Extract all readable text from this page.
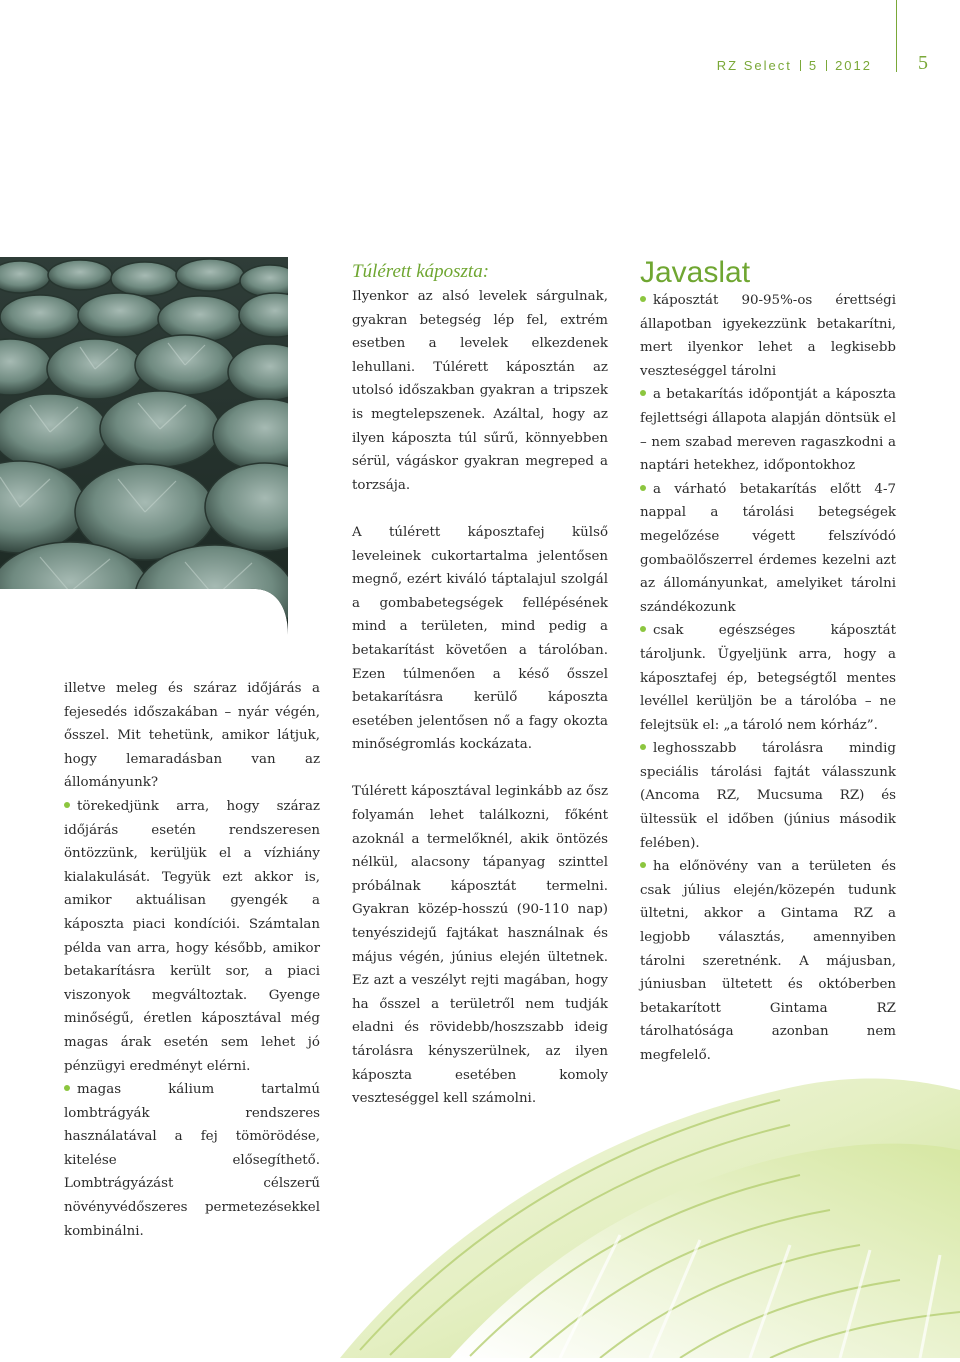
RZ Select 5 2012 5

illetve meleg és száraz időjárás a fejesedés időszakában – nyár végén, ősszel. Mit tehetünk, amikor látjuk, hogy lemaradásban van az állományunk?

törekedjünk arra, hogy száraz időjárás esetén rendszeresen öntözzünk, kerüljük el a vízhiány kialakulását. Tegyük ezt akkor is, amikor aktuálisan gyengék a káposzta piaci kondíciói. Számtalan példa van arra, hogy később, amikor betakarításra került sor, a piaci viszonyok megváltoztak. Gyenge minőségű, éretlen káposztával még magas árak esetén sem lehet jó pénzügyi eredményt elérni.

magas kálium tartalmú lombtrágyák rendszeres használatával a fej tömörödése, kitelése elősegíthető. Lombtrágyázást célszerű növényvédőszeres permetezésekkel kombinálni.

Túlérett káposzta:

Ilyenkor az alsó levelek sárgulnak, gyakran betegség lép fel, extrém esetben a levelek elkezdenek lehullani. Túlérett káposztán az utolsó időszakban gyakran a tripszek is megtelepszenek. Azáltal, hogy az ilyen káposzta túl sűrű, könnyebben sérül, vágáskor gyakran megreped a torzsája.

A túlérett káposztafej külső leveleinek cukortartalma jelentősen megnő, ezért kiváló táptalajul szolgál a gombabetegségek fellépésének mind a területen, mind pedig a betakarítást követően a tárolóban. Ezen túlmenően a késő ősszel betakarításra kerülő káposzta esetében jelentősen nő a fagy okozta minőségromlás kockázata.

Túlérett káposztával leginkább az ősz folyamán lehet találkozni, főként azoknál a termelőknél, akik öntözés nélkül, alacsony tápanyag szinttel próbálnak káposztát termelni. Gyakran közép-hosszú (90-110 nap) tenyészidejű fajtákat használnak és május végén, június elején ültetnek. Ez azt a veszélyt rejti magában, hogy ha ősszel a területről nem tudják eladni és rövidebb/hoszszabb ideig tárolásra kényszerülnek, az ilyen káposzta esetében komoly veszteséggel kell számolni.

Javaslat

káposztát 90-95%-os érettségi állapotban igyekezzünk betakarítni, mert ilyenkor lehet a legkisebb veszteséggel tárolni

a betakarítás időpontját a káposzta fejlettségi állapota alapján döntsük el – nem szabad mereven ragaszkodni a naptári hetekhez, időpontokhoz

a várható betakarítás előtt 4-7 nappal a tárolási betegségek megelőzése végett felszívódó gombaölőszerrel érdemes kezelni azt az állományunkat, amelyiket tárolni szándékozunk

csak egészséges káposztát tároljunk. Ügyeljünk arra, hogy a káposztafej ép, betegségtől mentes levéllel kerüljön be a tárolóba – ne felejtsük el: „a tároló nem kórház”.

leghosszabb tárolásra mindig speciális tárolási fajtát válasszunk (Ancoma RZ, Mucsuma RZ) és ültessük el időben (június második felében).

ha előnövény van a területen és csak július elején/közepén tudunk ültetni, akkor a Gintama RZ a legjobb választás, amennyiben tárolni szeretnénk. A májusban, júniusban ültetett és októberben betakarított Gintama RZ tárolhatósága azonban nem megfelelő.
